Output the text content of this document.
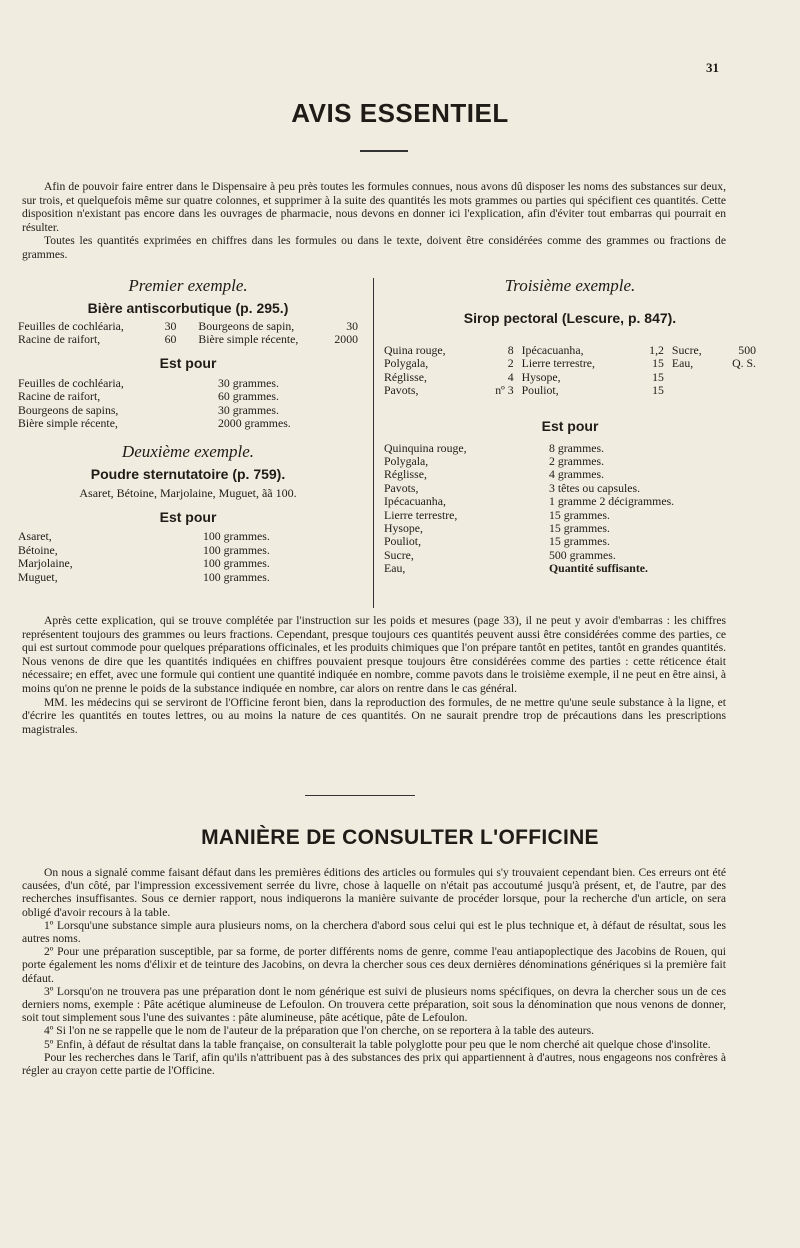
31
AVIS ESSENTIEL

Afin de pouvoir faire entrer dans le Dispensaire à peu près toutes les formules connues, nous avons dû disposer les noms des substances sur deux, sur trois, et quelquefois même sur quatre colonnes, et supprimer à la suite des quantités les mots grammes ou parties qui spécifient ces quantités. Cette disposition n'existant pas encore dans les ouvrages de pharmacie, nous devons en donner ici l'explication, afin d'éviter tout embarras qui pourrait en résulter.

Toutes les quantités exprimées en chiffres dans les formules ou dans le texte, doivent être considérées comme des grammes ou fractions de grammes.

Premier exemple.
Bière antiscorbutique (p. 295.)
Feuilles de cochléaria,	30	Bourgeons de sapin,	30
Racine de raifort,	60	Bière simple récente,	2000
Est pour
Feuilles de cochléaria,	30 grammes.
Racine de raifort,	60 grammes.
Bourgeons de sapins,	30 grammes.
Bière simple récente,	2000 grammes.
Deuxième exemple.
Poudre sternutatoire (p. 759).
Asaret, Bétoine, Marjolaine, Muguet, ãã 100.
Est pour
Asaret,	100 grammes.
Bétoine,	100 grammes.
Marjolaine,	100 grammes.
Muguet,	100 grammes.
Troisième exemple.
Sirop pectoral (Lescure, p. 847).
Quina rouge,	8	Ipécacuanha,	1,2	Sucre,	500
Polygala,	2	Lierre terrestre,	15	Eau,	Q. S.
Réglisse,	4	Hysope,	15		
Pavots,	nº 3	Pouliot,	15		
Est pour
Quinquina rouge,	8 grammes.
Polygala,	2 grammes.
Réglisse,	4 grammes.
Pavots,	3 têtes ou capsules.
Ipécacuanha,	1 gramme 2 décigrammes.
Lierre terrestre,	15 grammes.
Hysope,	15 grammes.
Pouliot,	15 grammes.
Sucre,	500 grammes.
Eau,	Quantité suffisante.

Après cette explication, qui se trouve complétée par l'instruction sur les poids et mesures (page 33), il ne peut y avoir d'embarras : les chiffres représentent toujours des grammes ou leurs fractions. Cependant, presque toujours ces quantités peuvent aussi être considérées comme des parties, ce qui est surtout commode pour quelques préparations officinales, et les produits chimiques que l'on prépare tantôt en petites, tantôt en grandes quantités. Nous venons de dire que les quantités indiquées en chiffres pouvaient presque toujours être considérées comme des parties : cette réticence était nécessaire; en effet, avec une formule qui contient une quantité indiquée en nombre, comme pavots dans le troisième exemple, il ne peut en être ainsi, à moins qu'on ne prenne le poids de la substance indiquée en nombre, car alors on rentre dans le cas général.

MM. les médecins qui se serviront de l'Officine feront bien, dans la reproduction des formules, de ne mettre qu'une seule substance à la ligne, et d'écrire les quantités en toutes lettres, ou au moins la nature de ces quantités. On ne saurait prendre trop de précautions dans les prescriptions magistrales.

MANIÈRE DE CONSULTER L'OFFICINE

On nous a signalé comme faisant défaut dans les premières éditions des articles ou formules qui s'y trouvaient cependant bien. Ces erreurs ont été causées, d'un côté, par l'impression excessivement serrée du livre, chose à laquelle on n'était pas accoutumé jusqu'à présent, et, de l'autre, par des recherches insuffisantes. Sous ce dernier rapport, nous indiquerons la manière suivante de procéder lorsque, pour la recherche d'un article, on sera obligé d'avoir recours à la table.

1º Lorsqu'une substance simple aura plusieurs noms, on la cherchera d'abord sous celui qui est le plus technique et, à défaut de résultat, sous les autres noms.

2º Pour une préparation susceptible, par sa forme, de porter différents noms de genre, comme l'eau antiapoplectique des Jacobins de Rouen, qui porte également les noms d'élixir et de teinture des Jacobins, on devra la chercher sous ces deux dernières dénominations génériques si la première fait défaut.

3º Lorsqu'on ne trouvera pas une préparation dont le nom générique est suivi de plusieurs noms spécifiques, on devra la chercher sous un de ces derniers noms, exemple : Pâte acétique alumineuse de Lefoulon. On trouvera cette préparation, soit sous la dénomination que nous venons de donner, soit tout simplement sous l'une des suivantes : pâte alumineuse, pâte acétique, pâte de Lefoulon.

4º Si l'on ne se rappelle que le nom de l'auteur de la préparation que l'on cherche, on se reportera à la table des auteurs.

5º Enfin, à défaut de résultat dans la table française, on consulterait la table polyglotte pour peu que le nom cherché ait quelque chose d'insolite.

Pour les recherches dans le Tarif, afin qu'ils n'attribuent pas à des substances des prix qui appartiennent à d'autres, nous engageons nos confrères à régler au crayon cette partie de l'Officine.
